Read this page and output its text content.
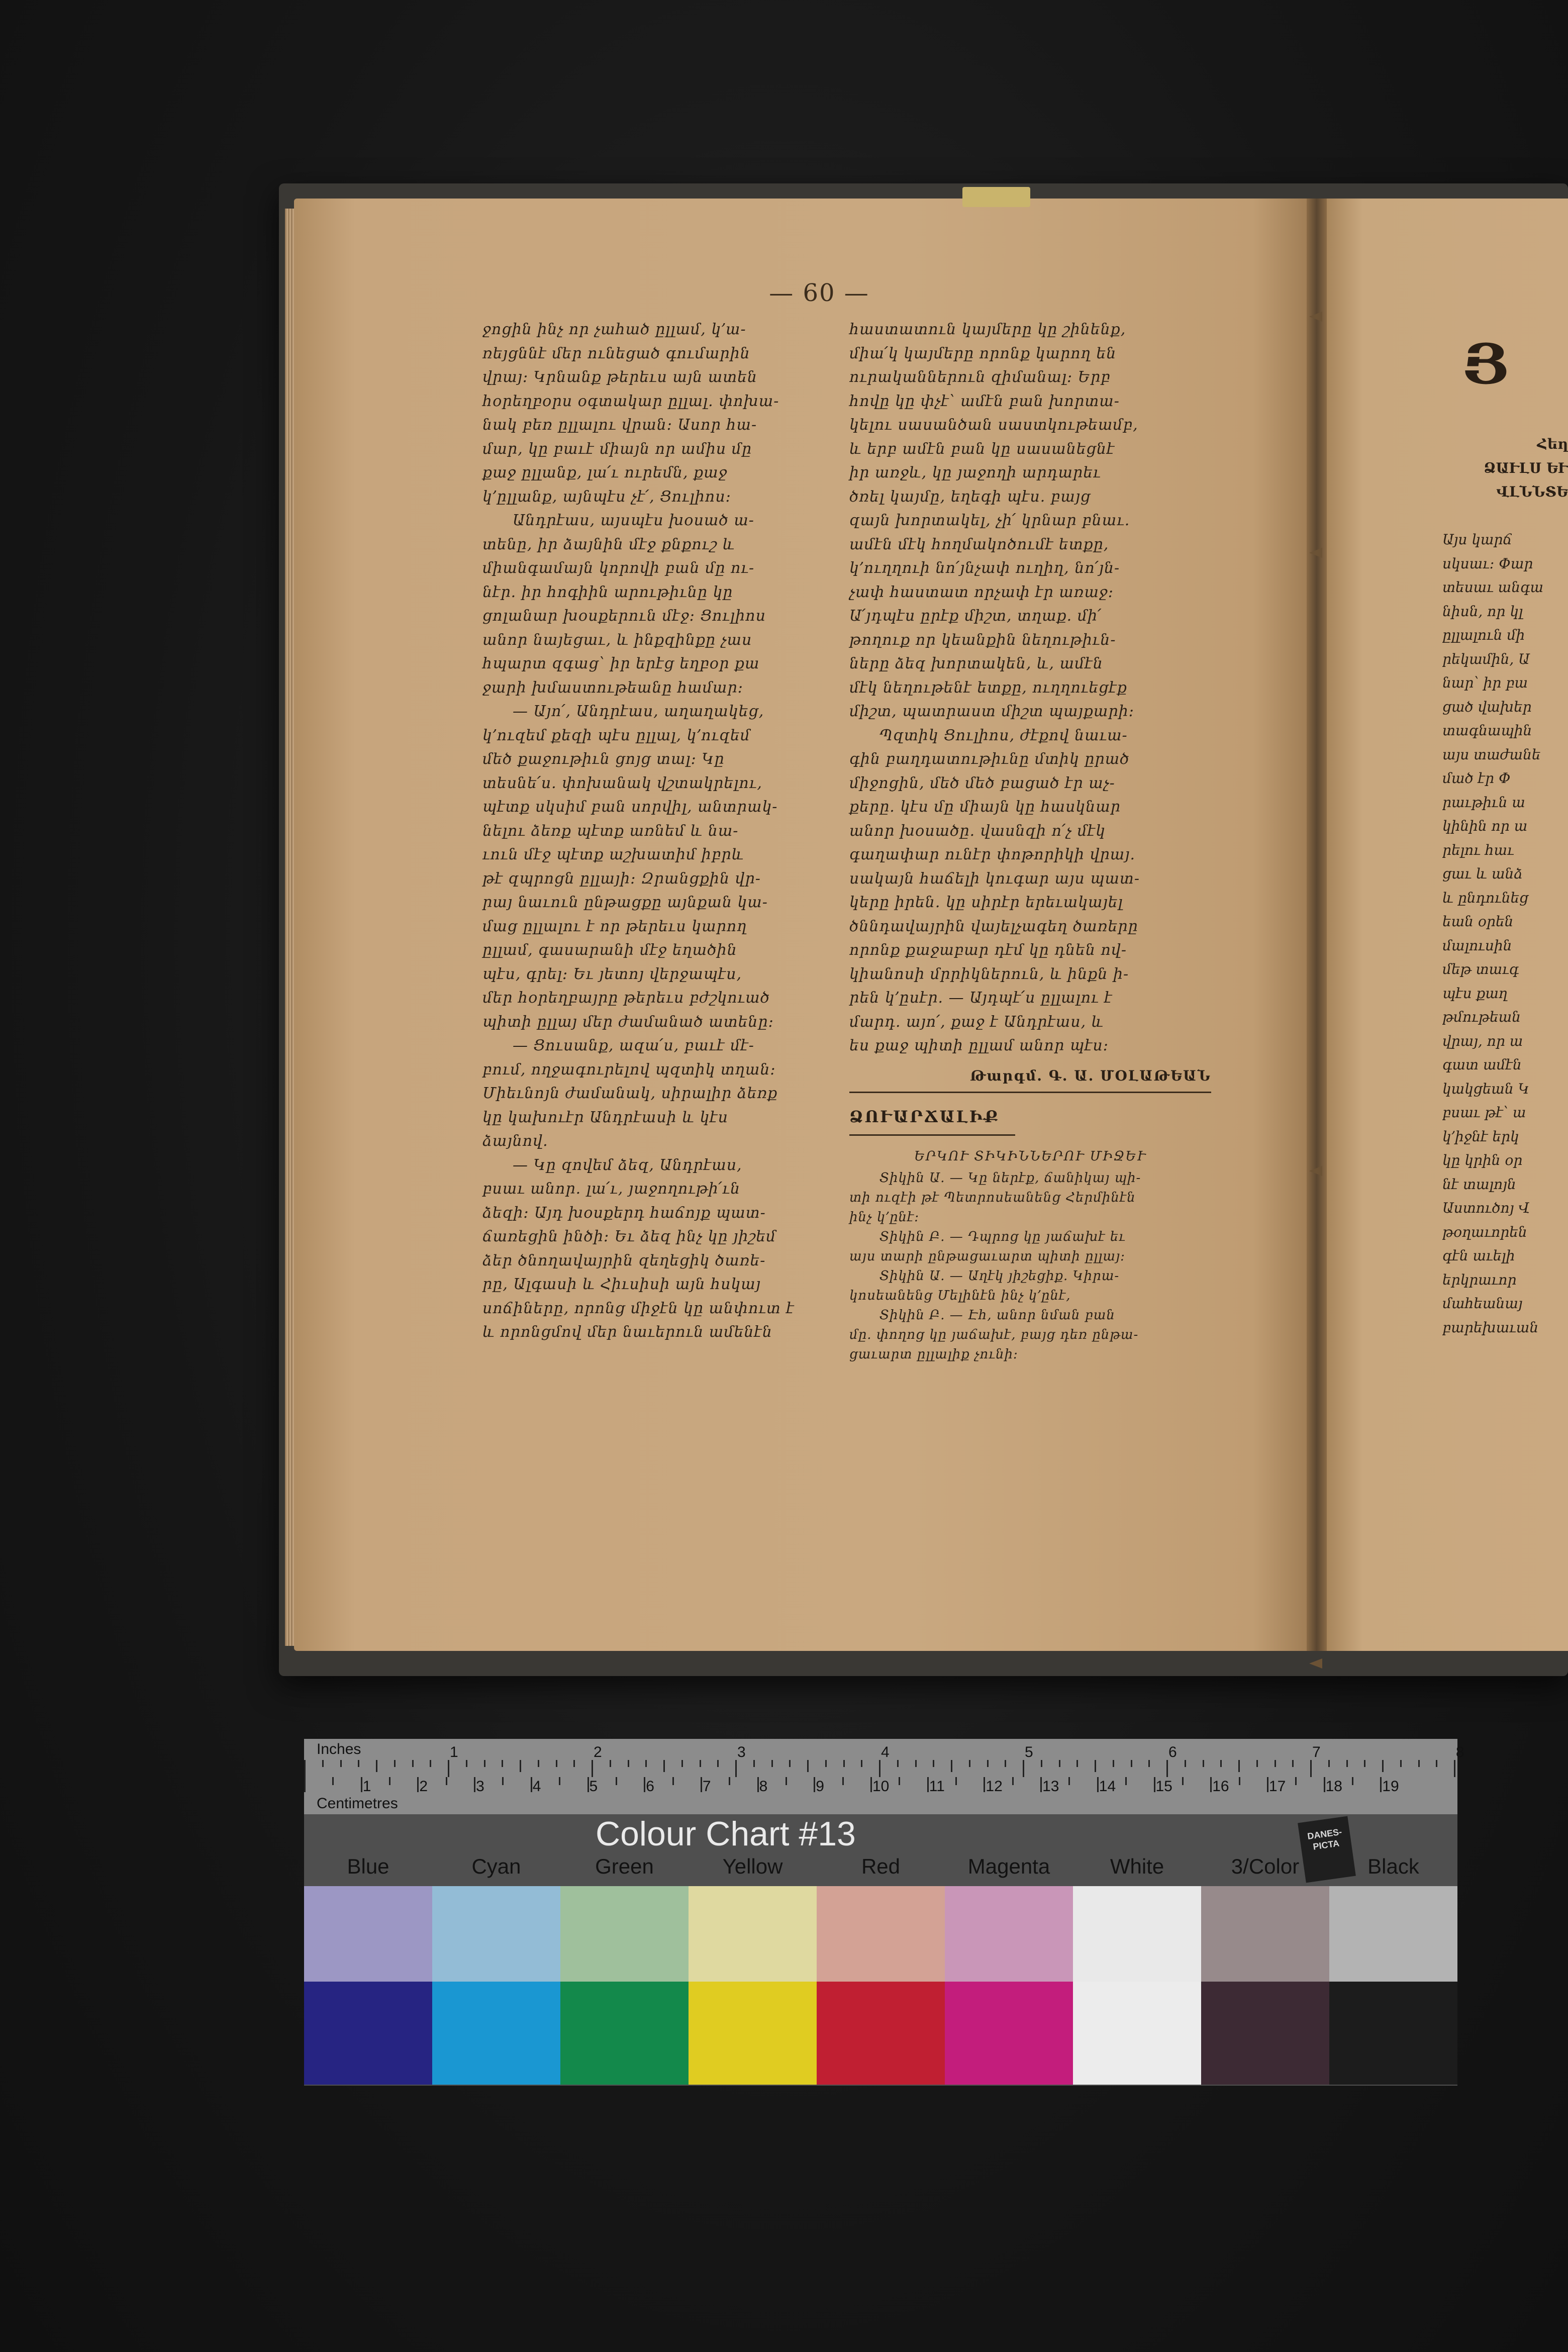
— 60 —

ջոցին ինչ որ չահած ըլլամ, կ՚ա-

ռեյցննէ մեր ունեցած գումարին

վրայ։ Կրնանք թերեւս այն ատեն

հօրեղբօրս օգտակար ըլլալ. փոխա-

նակ բեռ ըլլալու վրան։ Ասոր հա-

մար, կը բաւէ միայն որ ամիս մը

քաջ ըլլանք, լա՛ւ ուրեմն, քաջ

կ՚ըլլանք, այնպէս չէ՛, Ցուլիոս։

Անդրէաս, այսպէս խօսած ա-

տենը, իր ձայնին մէջ քնքուշ և

միանգամայն կորովի բան մը ու-

նէր. իր հոգիին արութիւնը կը

ցոլանար խօսքերուն մէջ։ Ցուլիոս

անոր նայեցաւ, և ինքզինքը չաս

հպարտ զգաց՝ իր երէց եղբօր քա

ջարի խմաստութեանը համար։

— Այո՛, Անդրէաս, աղաղակեց,

կ՚ուզեմ քեզի պէս ըլլալ, կ՚ուզեմ

մեծ քաջութիւն ցոյց տալ։ Կը

տեսնե՛ս. փոխանակ վշտակրելու,

պէտք սկսիմ բան սորվիլ, անտրակ-

նելու ձեռք պէտք առնեմ և նա-

ւուն մէջ պէտք աշխատիմ իբրև

թէ զպրոցն ըլլայի։ Զրանցքին վր-

րայ նաւուն ընթացքը այնքան կա-

մաց ըլլալու է որ թերեւս կարող

ըլլամ, գասարանի մէջ եղածին

պէս, գրել։ Եւ յետոյ վերջապէս,

մեր հօրեղբայրը թերեւս բժշկուած

պիտի ըլլայ մեր ժամանած ատենը։

— Ցուսանք, ազա՛ս, բաւէ մէ-

բում, ողջագուրելով պզտիկ տղան։

Միեւնոյն ժամանակ, սիրալիր ձեռք

կը կախուէր Անդրէասի և կէս

ձայնով.

— Կը զովեմ ձեզ, Անդրէաս,

բսաւ անոր. լա՛ւ, յաջողութի՛ւն

ձեզի։ Այդ խօսքերդ հաճոյք պատ-

ճառեցին ինծի։ Եւ ձեզ ինչ կը յիշեմ

ձեր ծնողավայրին զեղեցիկ ծառե-

րը, Ալգասի և Հիւսիսի այն հսկայ

սոճիները, որոնց միջէն կը անփուտ է

և որոնցմով մեր նաւերուն ամենէն

հաստատուն կայմերը կը շինենք,

միա՛կ կայմերը որոնք կարող են

ուրականներուն զիմանալ։ Երբ

հովը կը փչէ՝ ամէն բան խորտա-

կելու սասանծան սաստկութեամբ,

և երբ ամէն բան կը սասանեցնէ

իր առջև, կը յաջողի արդարեւ

ծռել կայմը, եղեգի պէս. բայց

զայն խորտակել, չի՛ կրնար բնաւ.

ամէն մէկ հողմակոծումէ ետքը,

կ՚ուղղուի նո՛յնչափ ուղիղ, նո՛յն-

չափ հաստատ որչափ էր առաջ։

Ա՛յդպէս ըրէք միշտ, տղաք. մի՛

թողուք որ կեանքին նեղութիւն-

ները ձեզ խորտակեն, և, ամէն

մէկ նեղութենէ ետքը, ուղղուեցէք

միշտ, պատրաստ միշտ պայքարի։

Պզտիկ Ցուլիոս, ժէքով նաւա-

գին բաղդատութիւնը մտիկ ըրած

միջոցին, մեծ մեծ բացած էր աչ-

քերը. կէս մը միայն կը հասկնար

անոր խօսածը. վասնզի ո՛չ մէկ

գաղափար ունէր փոթորիկի վրայ.

սակայն հաճելի կուգար այս պատ-

կերը իրեն. կը սիրէր երեւակայել

ծննդավայրին վայելչագեղ ծառերը

որոնք քաջաբար դէմ կը դնեն ով-

կիանոսի մրրիկներուն, և ինքն ի-

րեն կ՚ըսէր. — Այդպէ՛ս ըլլալու է

մարդ. այո՛, քաջ է Անդրէաս, և

ես քաջ պիտի ըլլամ անոր պէս։

Թարգմ. Գ. Ա. ՄՕԼԱԹԵԱՆ
ՁՈՒԱՐՃԱԼԻՔ
ԵՐԿՈՒ ՏԻԿԻՆՆԵՐՈՒ ՄԻՋԵՒ

Տիկին Ա. — Կը ներէք, ճանիկայ պի-

տի ուզէի թէ Պետրոսեանենց Հերմինէն

ինչ կ՚ընէ։

Տիկին Բ. — Դպրոց կը յաճախէ եւ

այս տարի ընթացաւարտ պիտի ըլլայ։

Տիկին Ա. — Աղէկ յիշեցիք. Կիրա-

կոսեանենց Մելինէն ինչ կ՚ընէ,

Տիկին Բ. — Էհ, անոր նման բան

մը. փողոց կը յաճախէ, բայց դեռ ընթա-

ցաւարտ ըլլալիք չունի։

Յ
Հեղ
ՁԱՒԼՍ ԵՒ
ՎԼՆՆՏԵ

Այս կարճ
սկսաւ։ Փար
տեսաւ անգա
նիսն, որ կլ
ըլլալուն մի
րեկամին, Ա
նար՝ իր բա
ցած վախեր
տագնապին
այս տաժանե
մած էր Փ
րաւթիւն ա
կինին որ ա
րելու հաւ
ցաւ և անձ
և ընդունեց
եան օրեն
մալուսին
մեթ տաւգ
պէս քաղ
թմութեան
վրայ, որ ա
գատ ամէն
կակցեան Կ
բսաւ թէ՝ ա
կ՚իջնէ երկ
կը կրին օր
նէ տալոյն
Աստուծոյ Վ
թօղաւորեն
գէն աւելի
երկրաւոր
մահեանայ
բարեխաւան
Inches
Centimetres
1	2	3	4	5	6	7	8
1	2	3	4	5	6	7	8	9	10	11	12	13	14	15	16	17	18	19
Colour Chart #13	DANES-PICTA
Blue	Cyan	Green	Yellow	Red	Magenta	White	3/Color	Black
